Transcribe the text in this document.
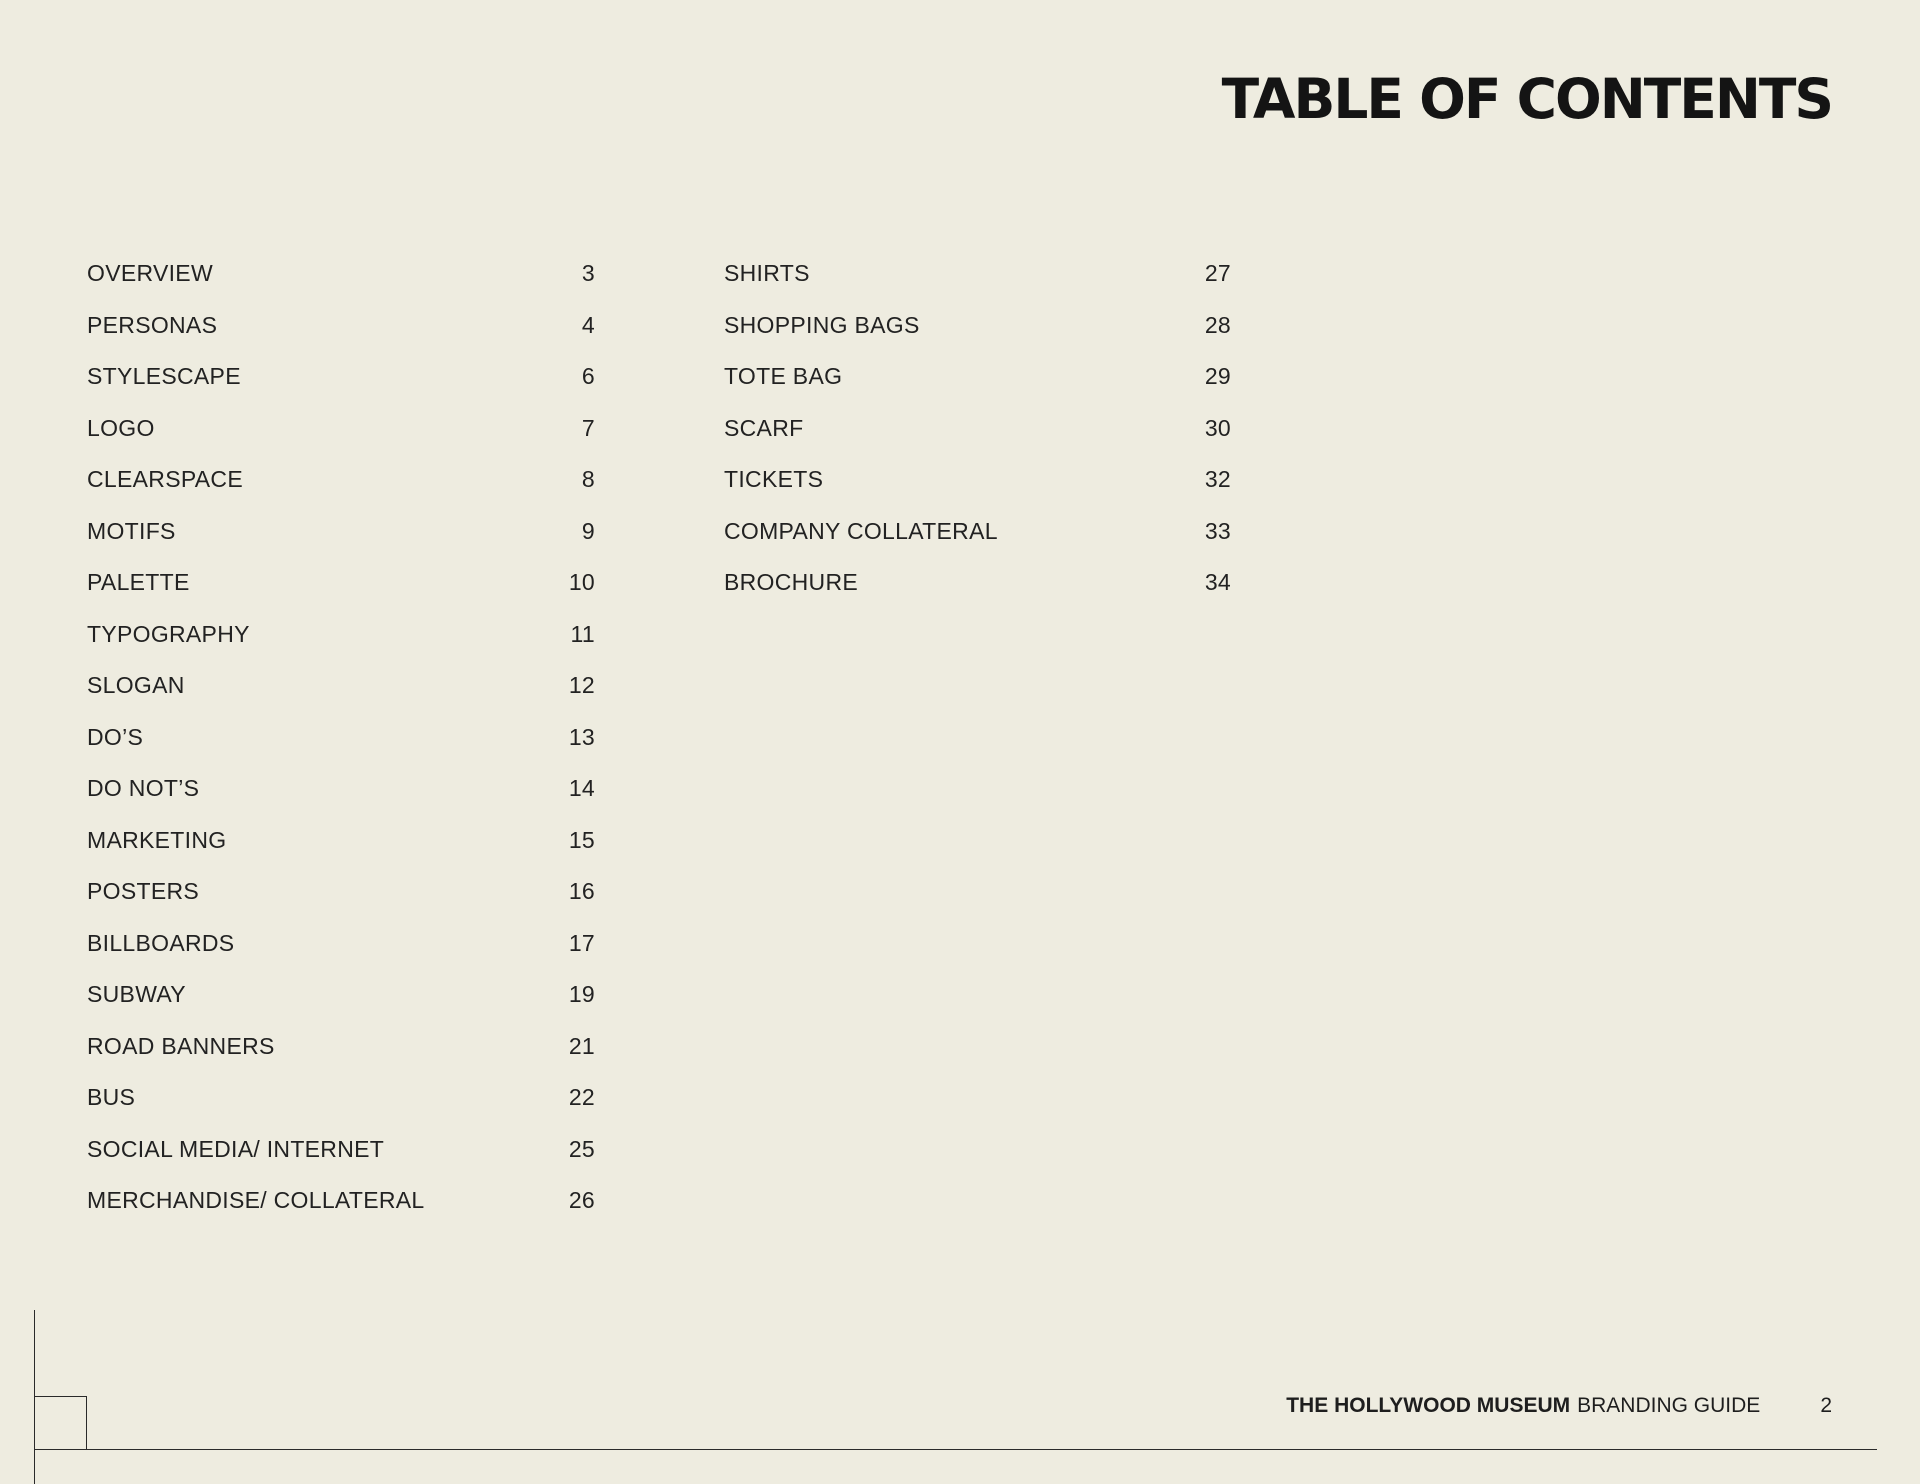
TABLE OF CONTENTS
OVERVIEW	3
PERSONAS	4
STYLESCAPE	6
LOGO	7
CLEARSPACE	8
MOTIFS	9
PALETTE	10
TYPOGRAPHY	11
SLOGAN	12
DO’S	13
DO NOT’S	14
MARKETING	15
POSTERS	16
BILLBOARDS	17
SUBWAY	19
ROAD BANNERS	21
BUS	22
SOCIAL MEDIA/ INTERNET	25
MERCHANDISE/ COLLATERAL	26
SHIRTS	27
SHOPPING BAGS	28
TOTE BAG	29
SCARF	30
TICKETS	32
COMPANY COLLATERAL	33
BROCHURE	34
THE HOLLYWOOD MUSEUM BRANDING GUIDE	2
